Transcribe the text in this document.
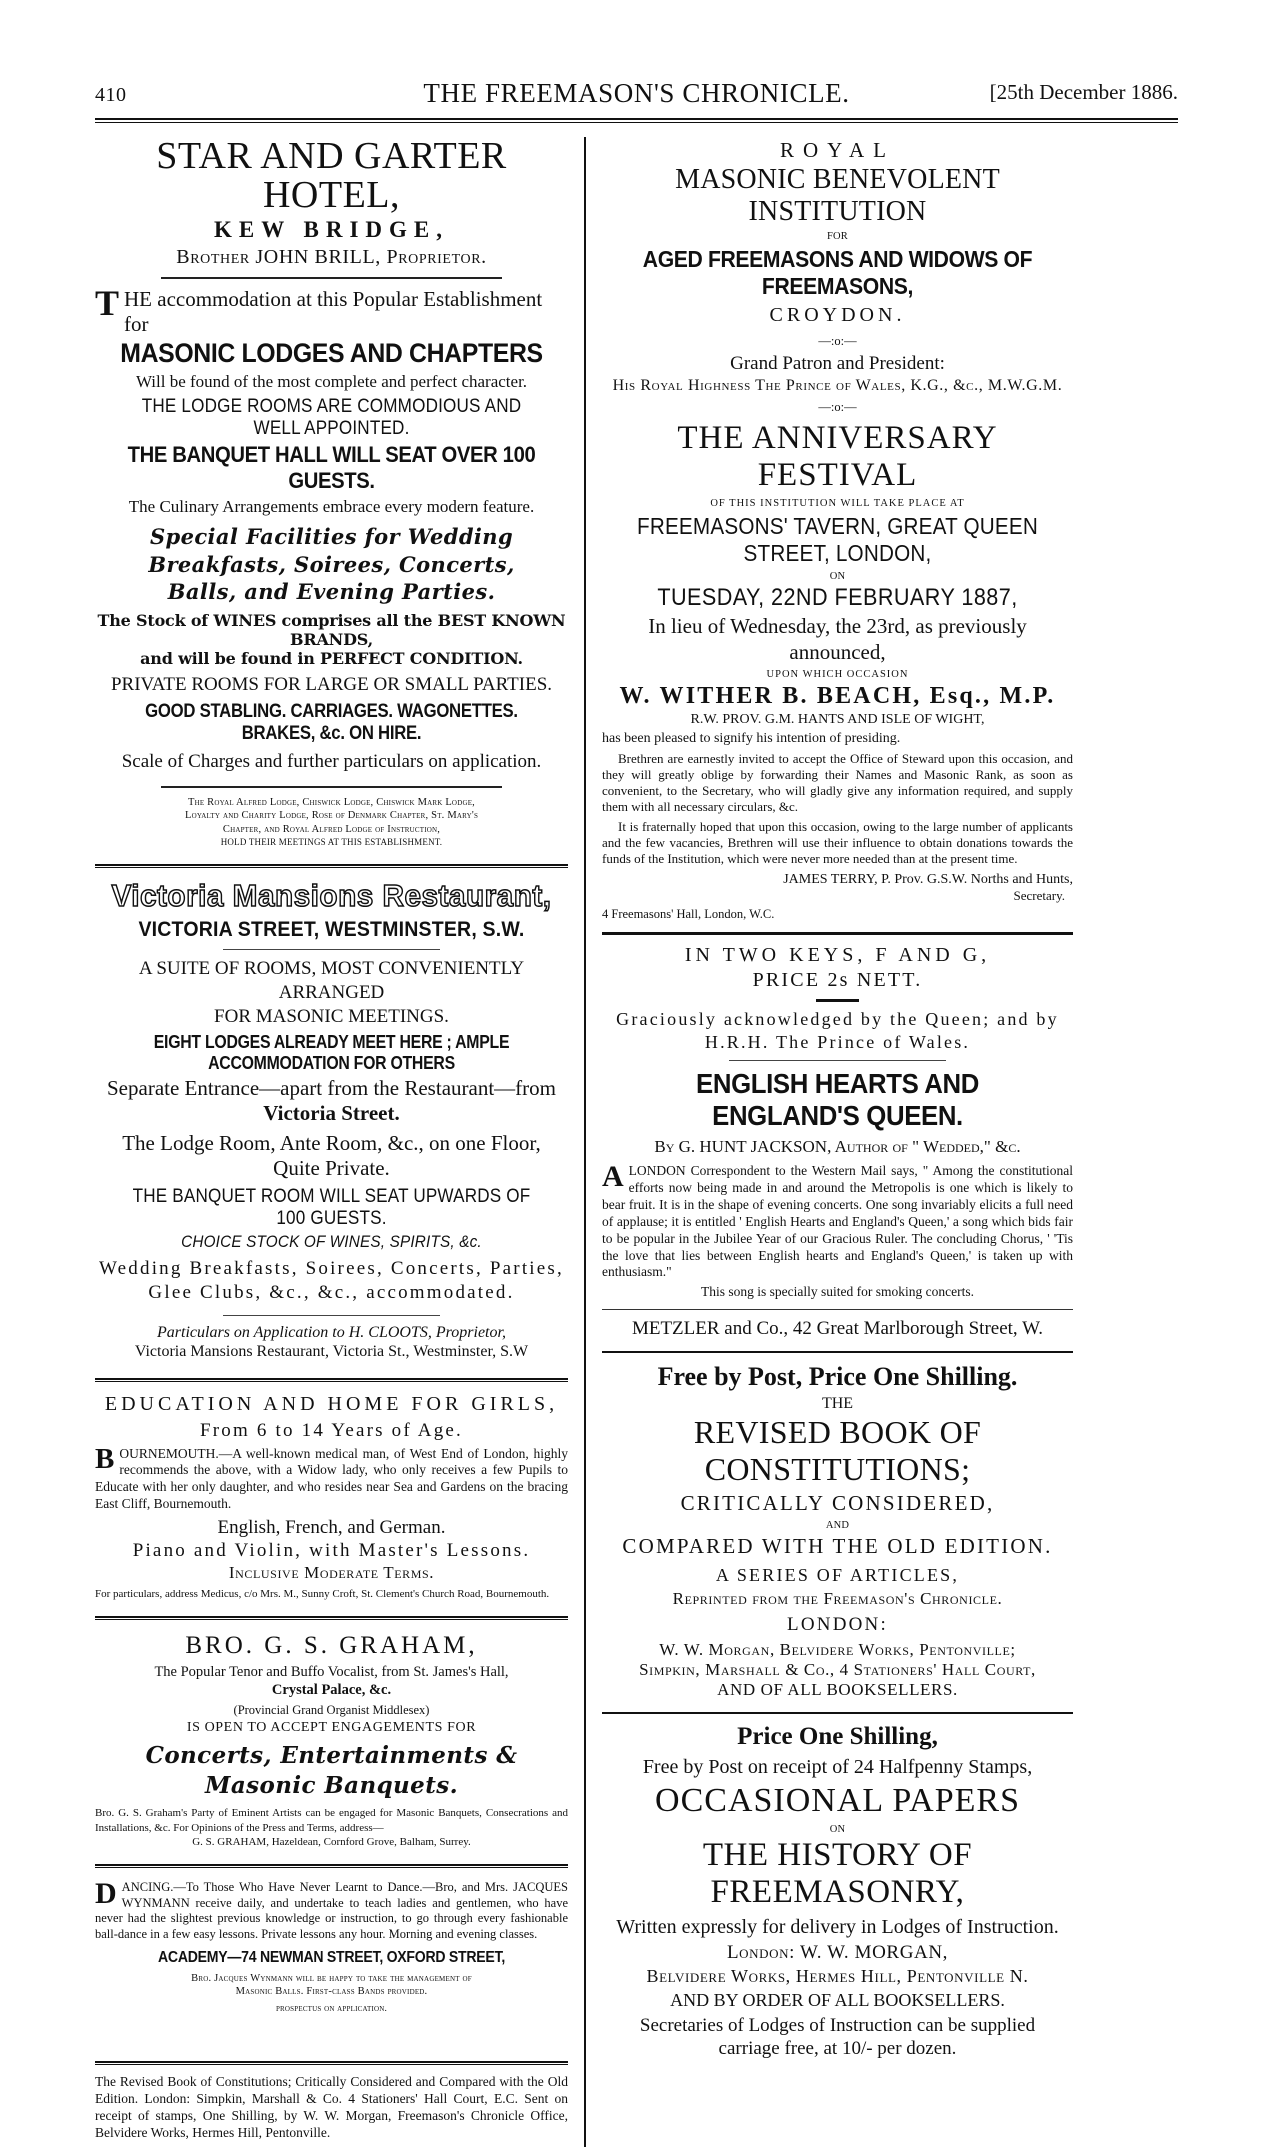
410	THE FREEMASON'S CHRONICLE.	[25th December 1886.
STAR AND GARTER HOTEL,
KEW BRIDGE,
Brother JOHN BRILL, Proprietor.
T HE accommodation at this Popular Establishment for
MASONIC LODGES AND CHAPTERS
Will be found of the most complete and perfect character.
THE LODGE ROOMS ARE COMMODIOUS AND WELL APPOINTED.
THE BANQUET HALL WILL SEAT OVER 100 GUESTS.
The Culinary Arrangements embrace every modern feature.
Special Facilities for Wedding Breakfasts, Soirees, Concerts,
Balls, and Evening Parties.
The Stock of WINES comprises all the BEST KNOWN BRANDS,
and will be found in PERFECT CONDITION.
PRIVATE ROOMS FOR LARGE OR SMALL PARTIES.
GOOD STABLING. CARRIAGES. WAGONETTES. BRAKES, &c. ON HIRE.
Scale of Charges and further particulars on application.
The Royal Alfred Lodge, Chiswick Lodge, Chiswick Mark Lodge,
Loyalty and Charity Lodge, Rose of Denmark Chapter, St. Mary's
Chapter, and Royal Alfred Lodge of Instruction,
HOLD THEIR MEETINGS AT THIS ESTABLISHMENT.
Victoria Mansions Restaurant,
VICTORIA STREET, WESTMINSTER, S.W.
A SUITE OF ROOMS, MOST CONVENIENTLY ARRANGED
FOR MASONIC MEETINGS.
EIGHT LODGES ALREADY MEET HERE ; AMPLE ACCOMMODATION FOR OTHERS
Separate Entrance—apart from the Restaurant—from
Victoria Street.
The Lodge Room, Ante Room, &c., on one Floor,
Quite Private.
THE BANQUET ROOM WILL SEAT UPWARDS OF 100 GUESTS.
CHOICE STOCK OF WINES, SPIRITS, &c.
Wedding Breakfasts, Soirees, Concerts, Parties,
Glee Clubs, &c., &c., accommodated.
Particulars on Application to H. CLOOTS, Proprietor,
Victoria Mansions Restaurant, Victoria St., Westminster, S.W
EDUCATION AND HOME FOR GIRLS,
From 6 to 14 Years of Age.
B OURNEMOUTH.—A well-known medical man, of West End of London, highly recommends the above, with a Widow lady, who only receives a few Pupils to Educate with her only daughter, and who resides near Sea and Gardens on the bracing East Cliff, Bournemouth.
English, French, and German.
Piano and Violin, with Master's Lessons.
Inclusive Moderate Terms.
For particulars, address Medicus, c/o Mrs. M., Sunny Croft, St. Clement's Church Road, Bournemouth.
BRO. G. S. GRAHAM,
The Popular Tenor and Buffo Vocalist, from St. James's Hall,
Crystal Palace, &c.
(Provincial Grand Organist Middlesex)
IS OPEN TO ACCEPT ENGAGEMENTS FOR
Concerts, Entertainments & Masonic Banquets.
Bro. G. S. Graham's Party of Eminent Artists can be engaged for Masonic Banquets, Consecrations and Installations, &c. For Opinions of the Press and Terms, address—
G. S. GRAHAM, Hazeldean, Cornford Grove, Balham, Surrey.
D ANCING.—To Those Who Have Never Learnt to Dance.—Bro, and Mrs. JACQUES WYNMANN receive daily, and undertake to teach ladies and gentlemen, who have never had the slightest previous knowledge or instruction, to go through every fashionable ball-dance in a few easy lessons. Private lessons any hour. Morning and evening classes.
ACADEMY—74 NEWMAN STREET, OXFORD STREET,
Bro. Jacques Wynmann will be happy to take the management of
Masonic Balls. First-class Bands provided.
prospectus on application.
The Revised Book of Constitutions; Critically Considered and Compared with the Old Edition. London: Simpkin, Marshall & Co. 4 Stationers' Hall Court, E.C. Sent on receipt of stamps, One Shilling, by W. W. Morgan, Freemason's Chronicle Office, Belvidere Works, Hermes Hill, Pentonville.
ROYAL
MASONIC BENEVOLENT INSTITUTION
FOR
AGED FREEMASONS AND WIDOWS OF FREEMASONS,
CROYDON.
—:o:—
Grand Patron and President:
His Royal Highness The Prince of Wales, K.G., &c., M.W.G.M.
—:o:—
THE ANNIVERSARY FESTIVAL
OF THIS INSTITUTION WILL TAKE PLACE AT
FREEMASONS' TAVERN, GREAT QUEEN STREET, LONDON,
ON
TUESDAY, 22ND FEBRUARY 1887,
In lieu of Wednesday, the 23rd, as previously announced,
UPON WHICH OCCASION
W. WITHER B. BEACH, Esq., M.P.
R.W. PROV. G.M. HANTS AND ISLE OF WIGHT,
has been pleased to signify his intention of presiding.
Brethren are earnestly invited to accept the Office of Steward upon this occasion, and they will greatly oblige by forwarding their Names and Masonic Rank, as soon as convenient, to the Secretary, who will gladly give any information required, and supply them with all necessary circulars, &c.
It is fraternally hoped that upon this occasion, owing to the large number of applicants and the few vacancies, Brethren will use their influence to obtain donations towards the funds of the Institution, which were never more needed than at the present time.
JAMES TERRY, P. Prov. G.S.W. Norths and Hunts,
Secretary.
4 Freemasons' Hall, London, W.C.
IN TWO KEYS, F AND G,
PRICE 2s NETT.
Graciously acknowledged by the Queen; and by
H.R.H. The Prince of Wales.
ENGLISH HEARTS AND ENGLAND'S QUEEN.
By G. HUNT JACKSON, Author of " Wedded," &c.
A LONDON Correspondent to the Western Mail says, " Among the constitutional efforts now being made in and around the Metropolis is one which is likely to bear fruit. It is in the shape of evening concerts. One song invariably elicits a full need of applause; it is entitled ' English Hearts and England's Queen,' a song which bids fair to be popular in the Jubilee Year of our Gracious Ruler. The concluding Chorus, ' 'Tis the love that lies between English hearts and England's Queen,' is taken up with enthusiasm."
This song is specially suited for smoking concerts.
METZLER and Co., 42 Great Marlborough Street, W.
Free by Post, Price One Shilling.
THE
REVISED BOOK OF CONSTITUTIONS;
CRITICALLY CONSIDERED,
AND
COMPARED WITH THE OLD EDITION.
A SERIES OF ARTICLES,
Reprinted from the Freemason's Chronicle.
LONDON:
W. W. Morgan, Belvidere Works, Pentonville;
Simpkin, Marshall & Co., 4 Stationers' Hall Court,
AND OF ALL BOOKSELLERS.
Price One Shilling,
Free by Post on receipt of 24 Halfpenny Stamps,
OCCASIONAL PAPERS
ON
THE HISTORY OF FREEMASONRY,
Written expressly for delivery in Lodges of Instruction.
London: W. W. MORGAN,
Belvidere Works, Hermes Hill, Pentonville N.
AND BY ORDER OF ALL BOOKSELLERS.
Secretaries of Lodges of Instruction can be supplied
carriage free, at 10/- per dozen.
